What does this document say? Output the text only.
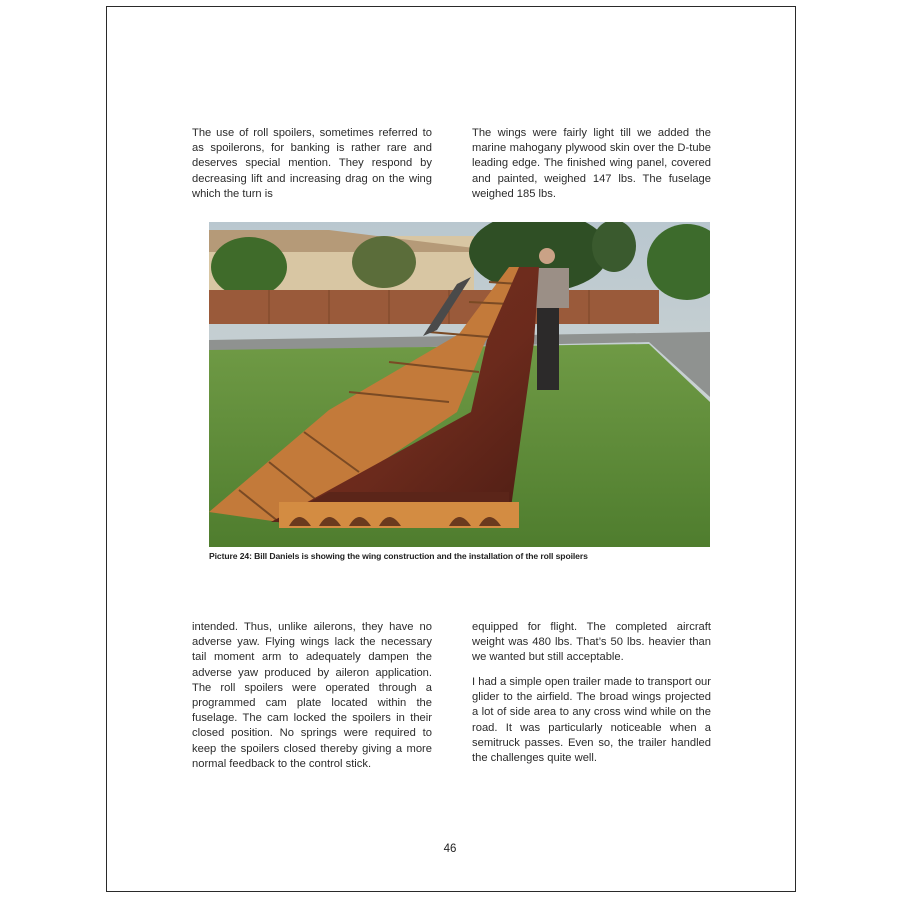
The use of roll spoilers, sometimes referred to as spoilerons, for banking is rather rare and deserves special mention. They respond by decreasing lift and increasing drag on the wing which the turn is

The wings were fairly light till we added the marine mahogany plywood skin over the D-tube leading edge. The finished wing panel, covered and painted, weighed 147 lbs. The fuselage weighed 185 lbs.

Picture 24: Bill Daniels is showing the wing construction and the installation of the roll spoilers

intended. Thus, unlike ailerons, they have no adverse yaw. Flying wings lack the necessary tail moment arm to adequately dampen the adverse yaw produced by aileron application. The roll spoilers were operated through a programmed cam plate located within the fuselage. The cam locked the spoilers in their closed position. No springs were required to keep the spoilers closed thereby giving a more normal feedback to the control stick.

equipped for flight. The completed aircraft weight was 480 lbs. That’s 50 lbs. heavier than we wanted but still acceptable.

I had a simple open trailer made to transport our glider to the airfield. The broad wings projected a lot of side area to any cross wind while on the road. It was particularly noticeable when a semitruck passes. Even so, the trailer handled the challenges quite well.

46
